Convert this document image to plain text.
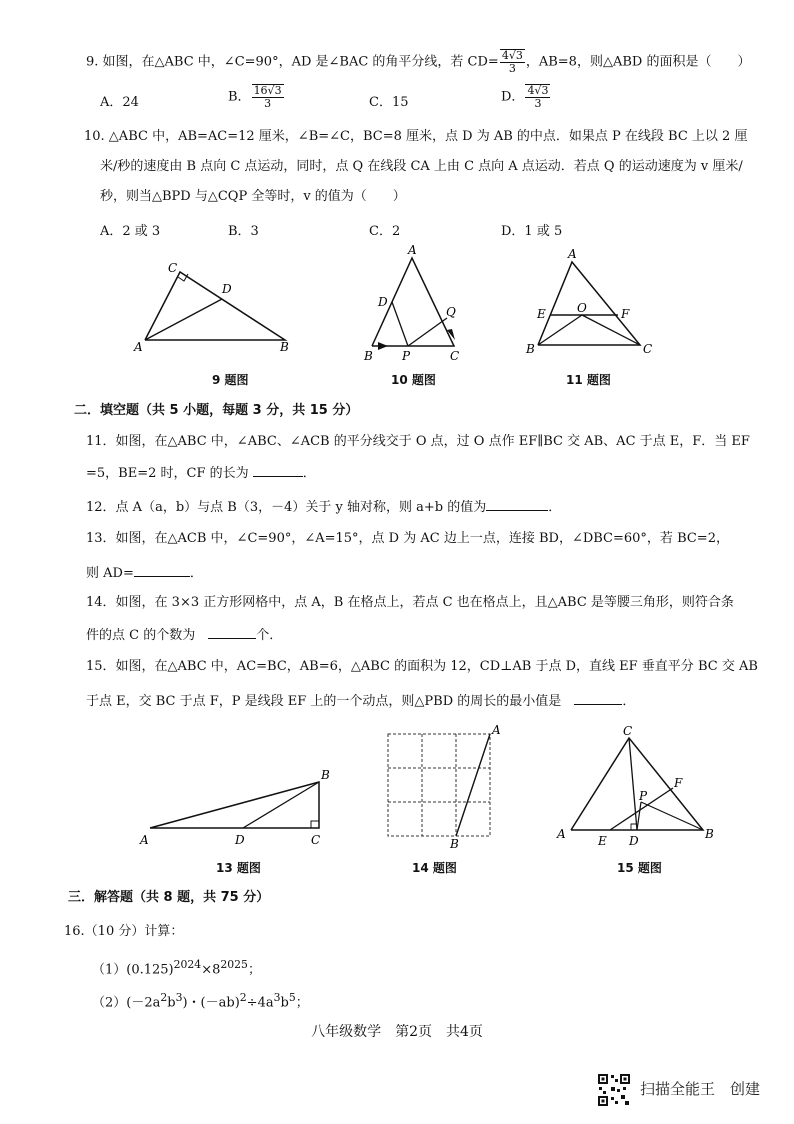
9. 如图，在△ABC 中，∠C=90°，AD 是∠BAC 的角平分线，若 $CD= \frac{4√3}{3}$ ，AB=8，则△ABD 的面积是（　　）
A．24	B． $\frac{16√3}{3}$	C．15	D． $\frac{4√3}{3}$
10. △ABC 中，AB=AC=12 厘米，∠B=∠C，BC=8 厘米，点 D 为 AB 的中点．如果点 P 在线段 BC 上以 2 厘
米/秒的速度由 B 点向 C 点运动，同时，点 Q 在线段 CA 上由 C 点向 A 点运动．若点 Q 的运动速度为 v 厘米/
秒，则当△BPD 与△CQP 全等时，v 的值为（　　）
A．2 或 3	B．3	C．2	D．1 或 5
C
D
A	B
9 题图
A
D
Q
B P	C
10 题图
A
E	O	F
B	C
11 题图
二．填空题（共 5 小题，每题 3 分，共 15 分）
11．如图，在△ABC 中，∠ABC、∠ACB 的平分线交于 O 点，过 O 点作 EF∥BC 交 AB、AC 于点 E，F．当 EF
=5，BE=2 时，CF 的长为	．
12．点 A（a，b）与点 B（3，－4）关于 y 轴对称，则 a+b 的值为	．
13．如图，在△ACB 中，∠C=90°，∠A=15°，点 D 为 AC 边上一点，连接 BD，∠DBC=60°，若 BC=2，
则 AD=	．
14．如图，在 3×3 正方形网格中，点 A，B 在格点上，若点 C 也在格点上，且△ABC 是等腰三角形，则符合条
件的点 C 的个数为　	个．
15．如图，在△ABC 中，AC=BC，AB=6，△ABC 的面积为 12，CD⊥AB 于点 D，直线 EF 垂直平分 BC 交 AB
于点 E，交 BC 于点 F，P 是线段 EF 上的一个动点，则△PBD 的周长的最小值是　	．
B
A	D	C
13 题图
A
B
14 题图
C
F
P
A	B
E D
15 题图
三．解答题（共 8 题，共 75 分）
16.（10 分）计算：
$(1)(0.125)^{2024}\times 8^{2025}$；
$(2)(-2a^2b^3)$・$(-ab)^2\div 4a^3b^5$；
八年级数学　第2页　共4页
扫描全能王　创建
